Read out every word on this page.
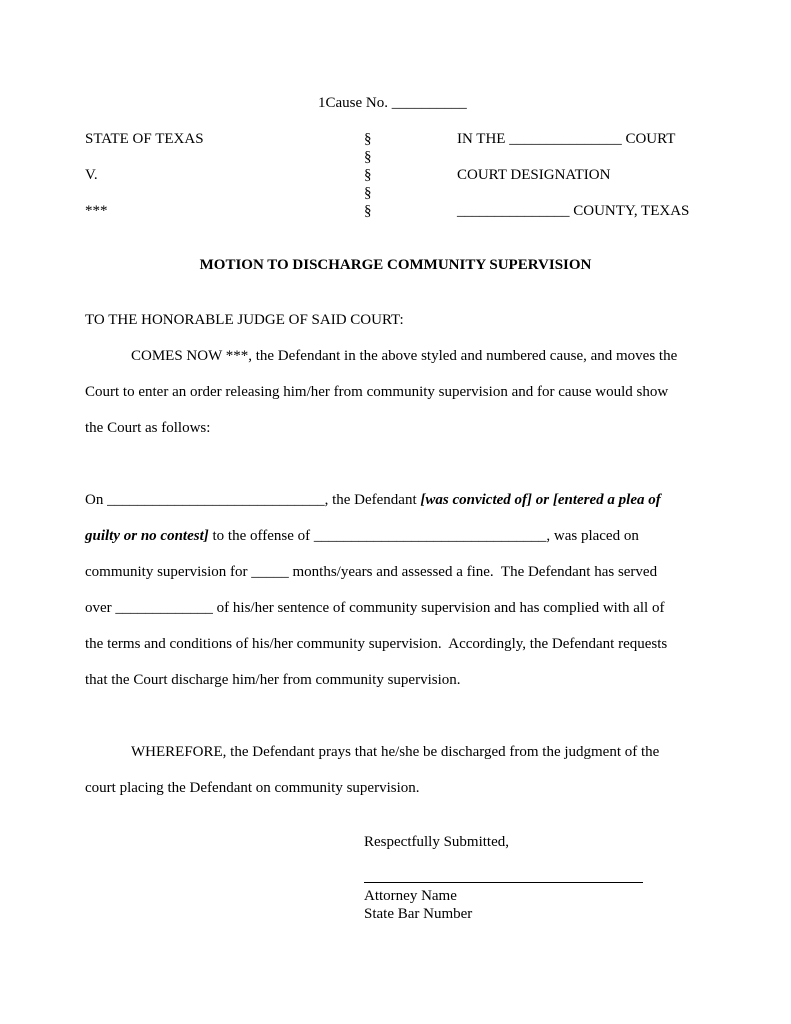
1Cause No. __________
STATE OF TEXAS
V.
***
§
§
§
§
§
IN THE _______________ COURT
COURT DESIGNATION
_______________ COUNTY, TEXAS
MOTION TO DISCHARGE COMMUNITY SUPERVISION
TO THE HONORABLE JUDGE OF SAID COURT:
COMES NOW ***, the Defendant in the above styled and numbered cause, and moves the
Court to enter an order releasing him/her from community supervision and for cause would show
the Court as follows:
On _____________________________, the Defendant [was convicted of] or [entered a plea of
guilty or no contest] to the offense of _______________________________, was placed on
community supervision for _____ months/years and assessed a fine.  The Defendant has served
over _____________ of his/her sentence of community supervision and has complied with all of
the terms and conditions of his/her community supervision.  Accordingly, the Defendant requests
that the Court discharge him/her from community supervision.
WHEREFORE, the Defendant prays that he/she be discharged from the judgment of the
court placing the Defendant on community supervision.
Respectfully Submitted,
Attorney Name
State Bar Number
